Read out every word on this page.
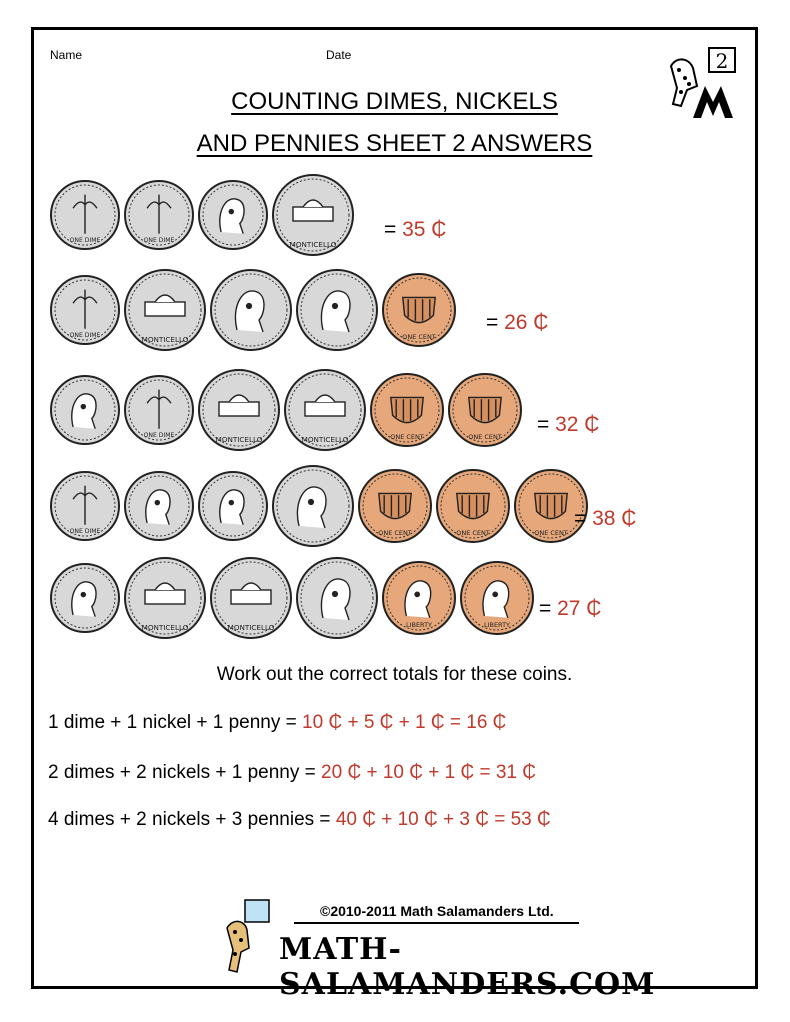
Name	Date	2
COUNTING DIMES, NICKELS
AND PENNIES SHEET 2 ANSWERS
ONE DIME	ONE DIME	MONTICELLO
= 35 ₵
ONE DIME	MONTICELLO	ONE CENT
= 26 ₵
ONE DIME	MONTICELLO	MONTICELLO	ONE CENT	ONE CENT
= 32 ₵
ONE DIME	ONE CENT	ONE CENT	ONE CENT
= 38 ₵
MONTICELLO	MONTICELLO	LIBERTY	LIBERTY
= 27 ₵
Work out the correct totals for these coins.
1 dime + 1 nickel + 1 penny = 10 ₵ + 5 ₵ + 1 ₵ = 16 ₵
2 dimes + 2 nickels + 1 penny = 20 ₵ + 10 ₵ + 1 ₵ = 31 ₵
4 dimes + 2 nickels + 3 pennies = 40 ₵ + 10 ₵ + 3 ₵ = 53 ₵
©2010-2011 Math Salamanders Ltd.
MATH-SALAMANDERS.COM
